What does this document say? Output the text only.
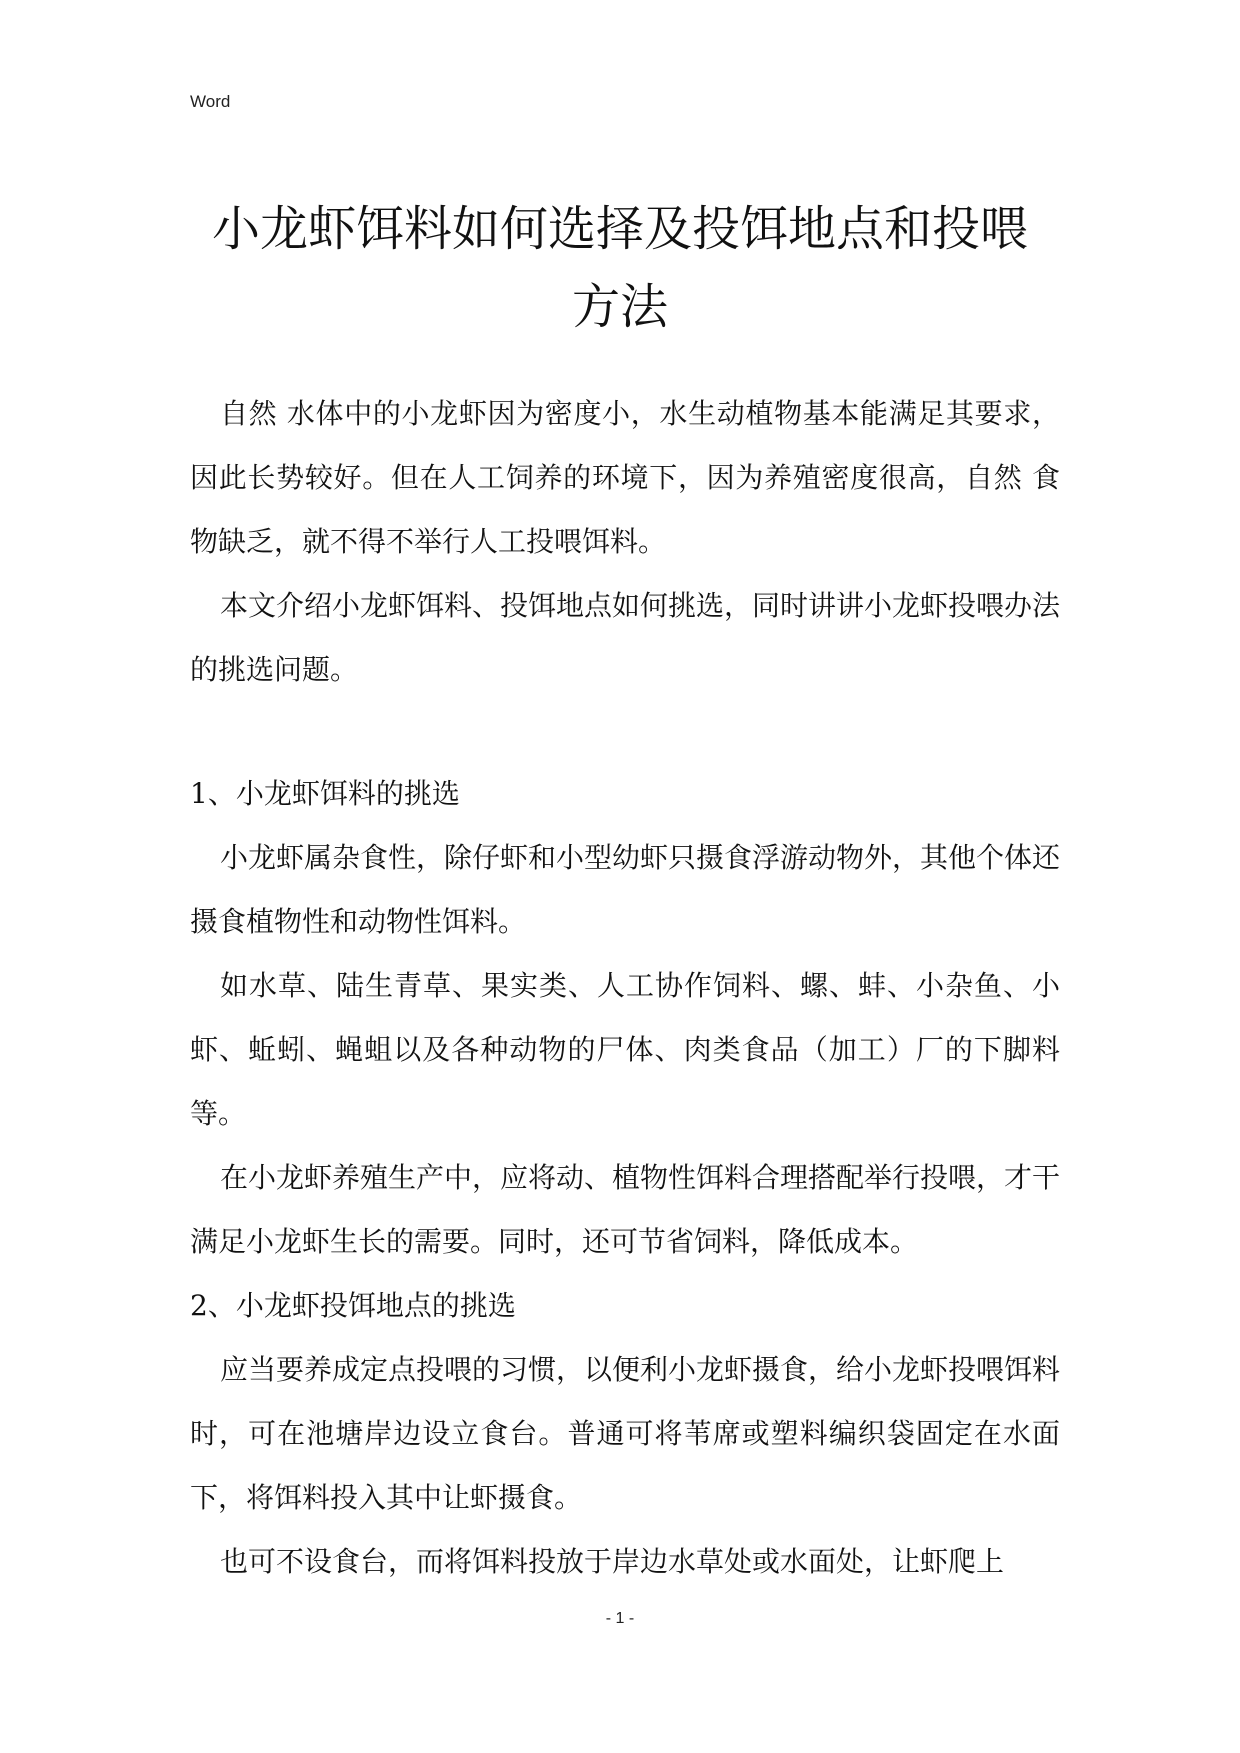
Word
小龙虾饵料如何选择及投饵地点和投喂方法

自然 水体中的小龙虾因为密度小，水生动植物基本能满足其要求，因此长势较好。但在人工饲养的环境下，因为养殖密度很高，自然 食物缺乏，就不得不举行人工投喂饵料。

本文介绍小龙虾饵料、投饵地点如何挑选，同时讲讲小龙虾投喂办法的挑选问题。

1、小龙虾饵料的挑选

小龙虾属杂食性，除仔虾和小型幼虾只摄食浮游动物外，其他个体还摄食植物性和动物性饵料。

如水草、陆生青草、果实类、人工协作饲料、螺、蚌、小杂鱼、小虾、蚯蚓、蝇蛆以及各种动物的尸体、肉类食品（加工）厂的下脚料等。

在小龙虾养殖生产中，应将动、植物性饵料合理搭配举行投喂，才干满足小龙虾生长的需要。同时，还可节省饲料，降低成本。

2、小龙虾投饵地点的挑选

应当要养成定点投喂的习惯，以便利小龙虾摄食，给小龙虾投喂饵料时，可在池塘岸边设立食台。普通可将苇席或塑料编织袋固定在水面下，将饵料投入其中让虾摄食。

也可不设食台，而将饵料投放于岸边水草处或水面处，让虾爬上

- 1 -
